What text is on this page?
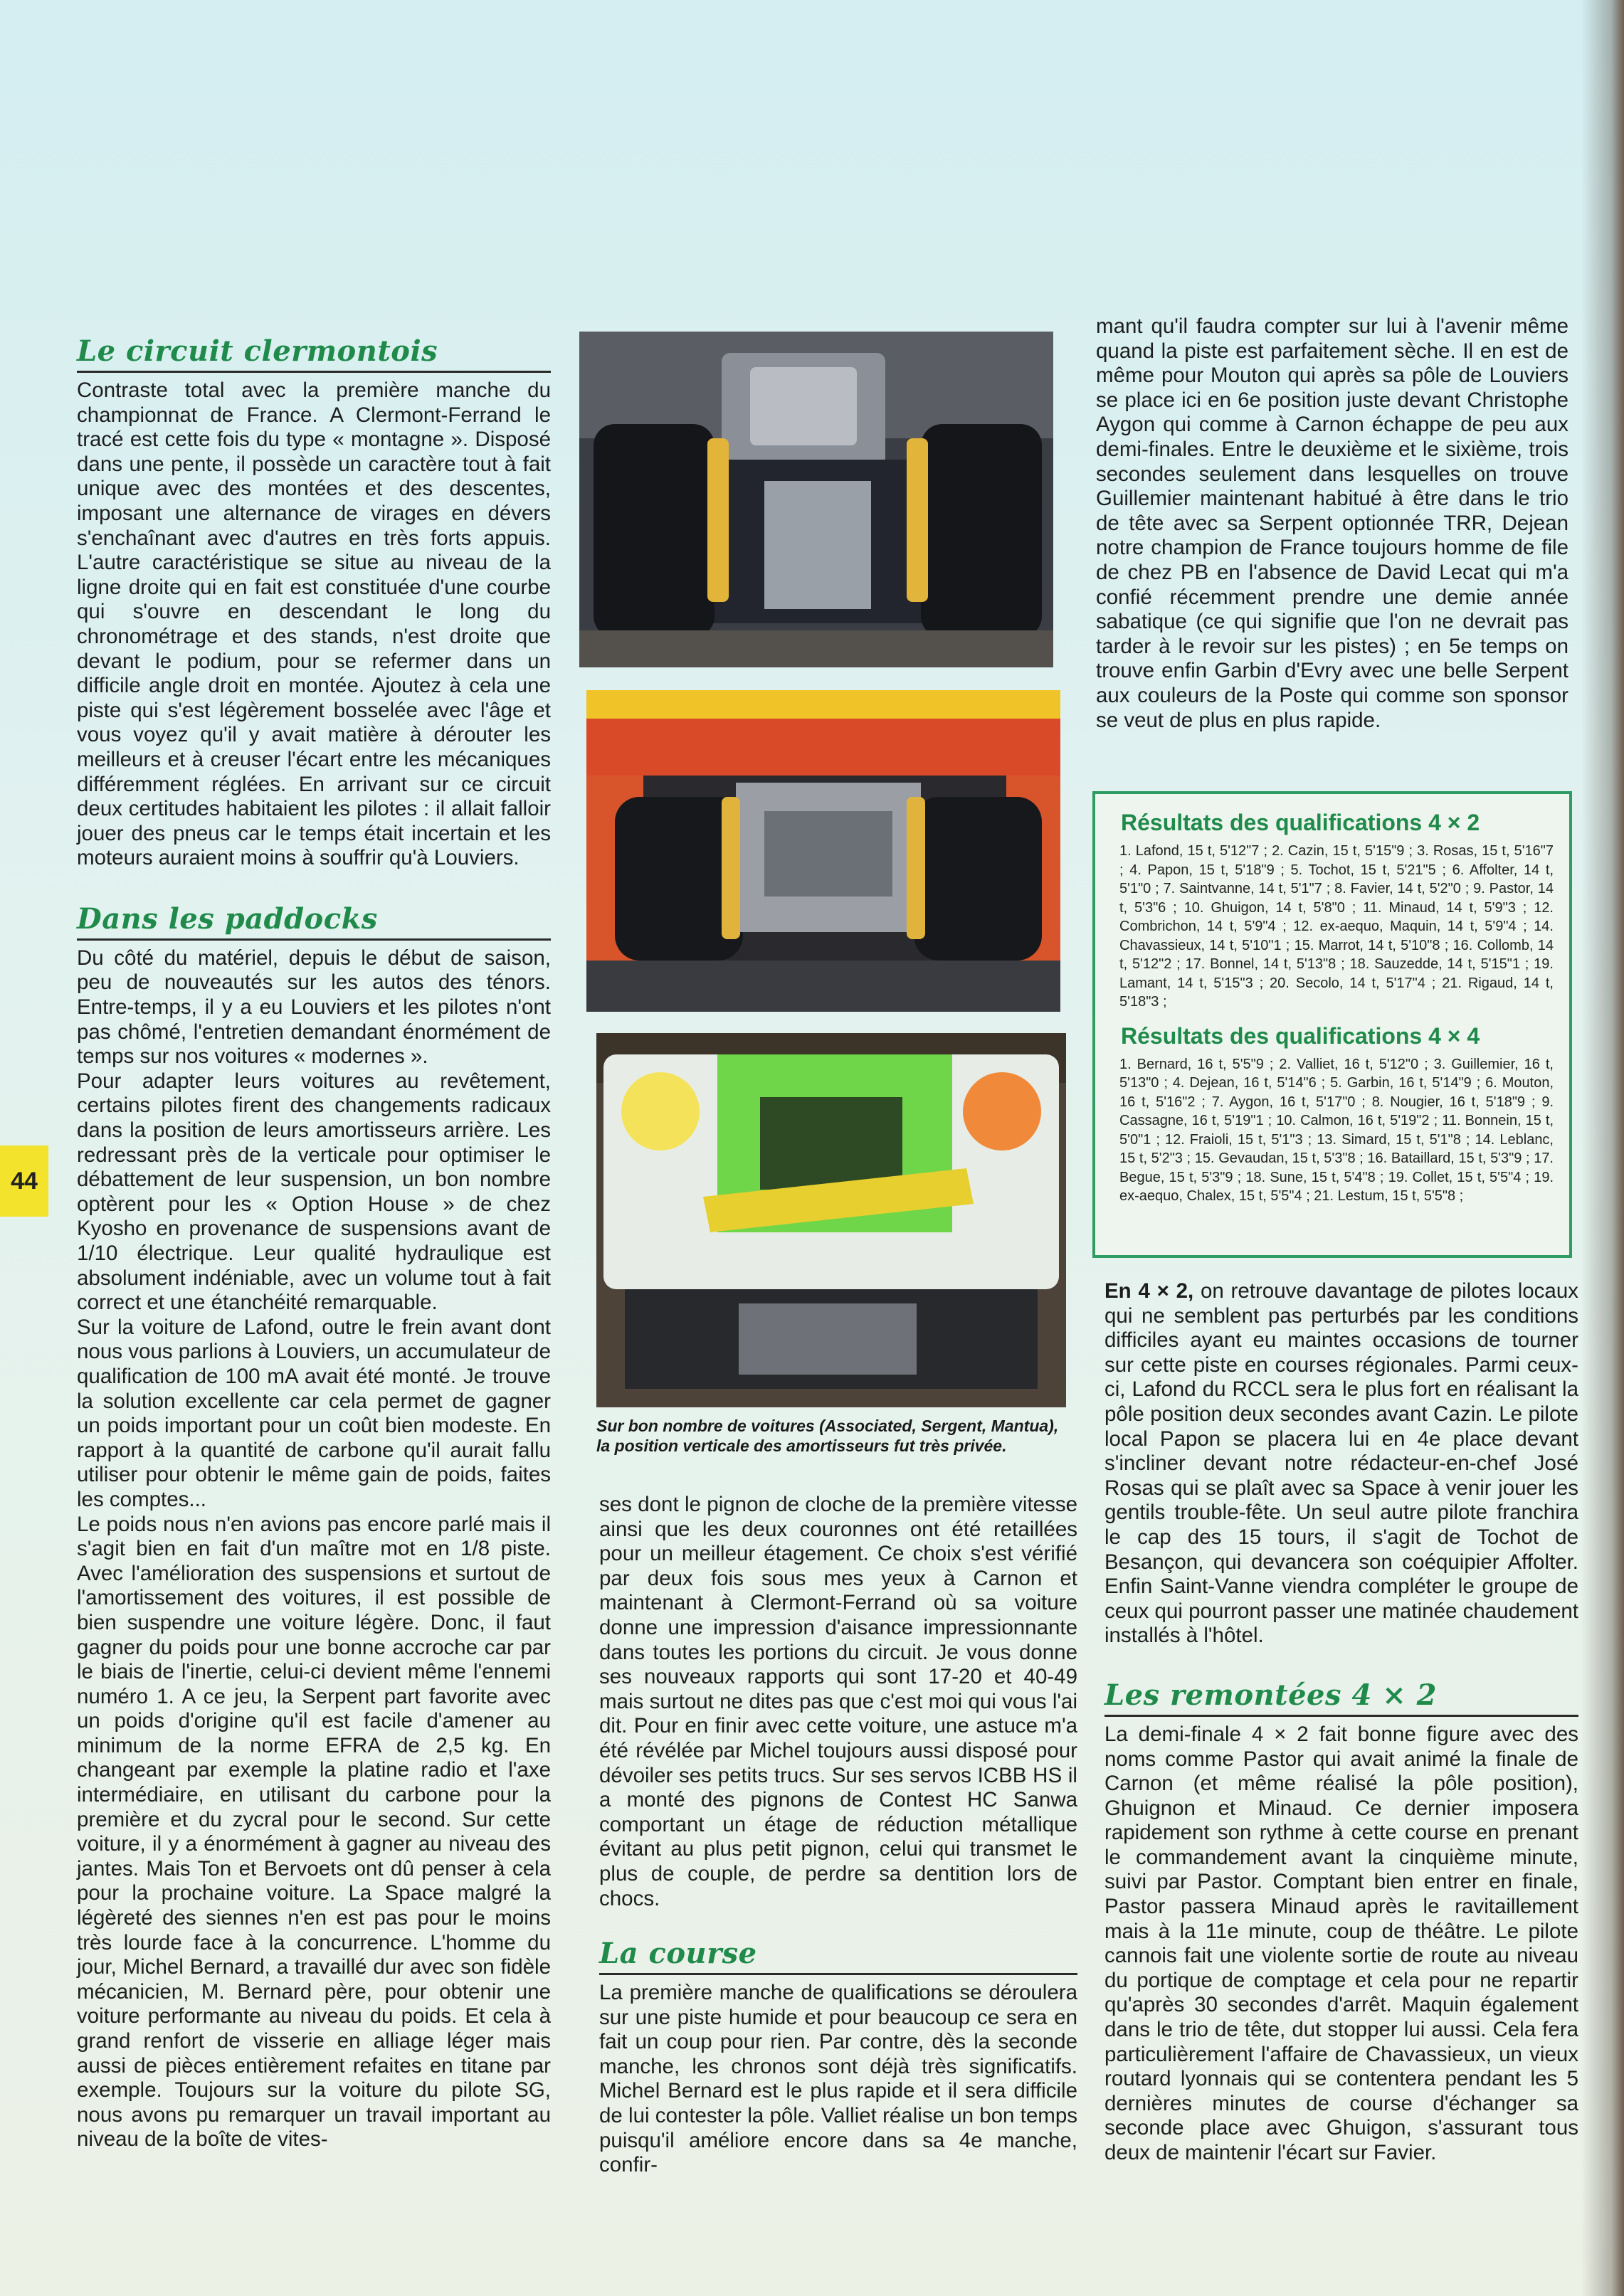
44
Le circuit clermontois

Contraste total avec la première manche du championnat de France. A Clermont-Ferrand le tracé est cette fois du type « montagne ». Disposé dans une pente, il possède un caractère tout à fait unique avec des montées et des descentes, imposant une alternance de virages en dévers s'enchaînant avec d'autres en très forts appuis. L'autre caractéristique se situe au niveau de la ligne droite qui en fait est constituée d'une courbe qui s'ouvre en descendant le long du chronométrage et des stands, n'est droite que devant le podium, pour se refermer dans un difficile angle droit en montée. Ajoutez à cela une piste qui s'est légèrement bosselée avec l'âge et vous voyez qu'il y avait matière à dérouter les meilleurs et à creuser l'écart entre les mécaniques différemment réglées. En arrivant sur ce circuit deux certitudes habitaient les pilotes : il allait falloir jouer des pneus car le temps était incertain et les moteurs auraient moins à souffrir qu'à Louviers.

Dans les paddocks

Du côté du matériel, depuis le début de saison, peu de nouveautés sur les autos des ténors. Entre-temps, il y a eu Louviers et les pilotes n'ont pas chômé, l'entretien demandant énormément de temps sur nos voitures « modernes ».

Pour adapter leurs voitures au revêtement, certains pilotes firent des changements radicaux dans la position de leurs amortisseurs arrière. Les redressant près de la verticale pour optimiser le débattement de leur suspension, un bon nombre optèrent pour les « Option House » de chez Kyosho en provenance de suspensions avant de 1/10 électrique. Leur qualité hydraulique est absolument indéniable, avec un volume tout à fait correct et une étanchéité remarquable.

Sur la voiture de Lafond, outre le frein avant dont nous vous parlions à Louviers, un accumulateur de qualification de 100 mA avait été monté. Je trouve la solution excellente car cela permet de gagner un poids important pour un coût bien modeste. En rapport à la quantité de carbone qu'il aurait fallu utiliser pour obtenir le même gain de poids, faites les comptes...

Le poids nous n'en avions pas encore parlé mais il s'agit bien en fait d'un maître mot en 1/8 piste. Avec l'amélioration des suspensions et surtout de l'amortissement des voitures, il est possible de bien suspendre une voiture légère. Donc, il faut gagner du poids pour une bonne accroche car par le biais de l'inertie, celui-ci devient même l'ennemi numéro 1. A ce jeu, la Serpent part favorite avec un poids d'origine qu'il est facile d'amener au minimum de la norme EFRA de 2,5 kg. En changeant par exemple la platine radio et l'axe intermédiaire, en utilisant du carbone pour la première et du zycral pour le second. Sur cette voiture, il y a énormément à gagner au niveau des jantes. Mais Ton et Bervoets ont dû penser à cela pour la prochaine voiture. La Space malgré la légèreté des siennes n'en est pas pour le moins très lourde face à la concurrence. L'homme du jour, Michel Bernard, a travaillé dur avec son fidèle mécanicien, M. Bernard père, pour obtenir une voiture performante au niveau du poids. Et cela à grand renfort de visserie en alliage léger mais aussi de pièces entièrement refaites en titane par exemple. Toujours sur la voiture du pilote SG, nous avons pu remarquer un travail important au niveau de la boîte de vites-

Sur bon nombre de voitures (Associated, Sergent, Mantua), la position verticale des amortisseurs fut très privée.

ses dont le pignon de cloche de la première vitesse ainsi que les deux couronnes ont été retaillées pour un meilleur étagement. Ce choix s'est vérifié par deux fois sous mes yeux à Carnon et maintenant à Clermont-Ferrand où sa voiture donne une impression d'aisance impressionnante dans toutes les portions du circuit. Je vous donne ses nouveaux rapports qui sont 17-20 et 40-49 mais surtout ne dites pas que c'est moi qui vous l'ai dit. Pour en finir avec cette voiture, une astuce m'a été révélée par Michel toujours aussi disposé pour dévoiler ses petits trucs. Sur ses servos ICBB HS il a monté des pignons de Contest HC Sanwa comportant un étage de réduction métallique évitant au plus petit pignon, celui qui transmet le plus de couple, de perdre sa dentition lors de chocs.

La course

La première manche de qualifications se déroulera sur une piste humide et pour beaucoup ce sera en fait un coup pour rien. Par contre, dès la seconde manche, les chronos sont déjà très significatifs. Michel Bernard est le plus rapide et il sera difficile de lui contester la pôle. Valliet réalise un bon temps puisqu'il améliore encore dans sa 4e manche, confir-

mant qu'il faudra compter sur lui à l'avenir même quand la piste est parfaitement sèche. Il en est de même pour Mouton qui après sa pôle de Louviers se place ici en 6e position juste devant Christophe Aygon qui comme à Carnon échappe de peu aux demi-finales. Entre le deuxième et le sixième, trois secondes seulement dans lesquelles on trouve Guillemier maintenant habitué à être dans le trio de tête avec sa Serpent optionnée TRR, Dejean notre champion de France toujours homme de file de chez PB en l'absence de David Lecat qui m'a confié récemment prendre une demie année sabatique (ce qui signifie que l'on ne devrait pas tarder à le revoir sur les pistes) ; en 5e temps on trouve enfin Garbin d'Evry avec une belle Serpent aux couleurs de la Poste qui comme son sponsor se veut de plus en plus rapide.

Résultats des qualifications 4 × 2

1. Lafond, 15 t, 5'12"7 ; 2. Cazin, 15 t, 5'15"9 ; 3. Rosas, 15 t, 5'16"7 ; 4. Papon, 15 t, 5'18"9 ; 5. Tochot, 15 t, 5'21"5 ; 6. Affolter, 14 t, 5'1"0 ; 7. Saintvanne, 14 t, 5'1"7 ; 8. Favier, 14 t, 5'2"0 ; 9. Pastor, 14 t, 5'3"6 ; 10. Ghuigon, 14 t, 5'8"0 ; 11. Minaud, 14 t, 5'9"3 ; 12. Combrichon, 14 t, 5'9"4 ; 12. ex-aequo, Maquin, 14 t, 5'9"4 ; 14. Chavassieux, 14 t, 5'10"1 ; 15. Marrot, 14 t, 5'10"8 ; 16. Collomb, 14 t, 5'12"2 ; 17. Bonnel, 14 t, 5'13"8 ; 18. Sauzedde, 14 t, 5'15"1 ; 19. Lamant, 14 t, 5'15"3 ; 20. Secolo, 14 t, 5'17"4 ; 21. Rigaud, 14 t, 5'18"3 ;

Résultats des qualifications 4 × 4

1. Bernard, 16 t, 5'5"9 ; 2. Valliet, 16 t, 5'12"0 ; 3. Guillemier, 16 t, 5'13"0 ; 4. Dejean, 16 t, 5'14"6 ; 5. Garbin, 16 t, 5'14"9 ; 6. Mouton, 16 t, 5'16"2 ; 7. Aygon, 16 t, 5'17"0 ; 8. Nougier, 16 t, 5'18"9 ; 9. Cassagne, 16 t, 5'19"1 ; 10. Calmon, 16 t, 5'19"2 ; 11. Bonnein, 15 t, 5'0"1 ; 12. Fraioli, 15 t, 5'1"3 ; 13. Simard, 15 t, 5'1"8 ; 14. Leblanc, 15 t, 5'2"3 ; 15. Gevaudan, 15 t, 5'3"8 ; 16. Bataillard, 15 t, 5'3"9 ; 17. Begue, 15 t, 5'3"9 ; 18. Sune, 15 t, 5'4"8 ; 19. Collet, 15 t, 5'5"4 ; 19. ex-aequo, Chalex, 15 t, 5'5"4 ; 21. Lestum, 15 t, 5'5"8 ;

En 4 × 2, on retrouve davantage de pilotes locaux qui ne semblent pas perturbés par les conditions difficiles ayant eu maintes occasions de tourner sur cette piste en courses régionales. Parmi ceux-ci, Lafond du RCCL sera le plus fort en réalisant la pôle position deux secondes avant Cazin. Le pilote local Papon se placera lui en 4e place devant s'incliner devant notre rédacteur-en-chef José Rosas qui se plaît avec sa Space à venir jouer les gentils trouble-fête. Un seul autre pilote franchira le cap des 15 tours, il s'agit de Tochot de Besançon, qui devancera son coéquipier Affolter. Enfin Saint-Vanne viendra compléter le groupe de ceux qui pourront passer une matinée chaudement installés à l'hôtel.

Les remontées 4 × 2

La demi-finale 4 × 2 fait bonne figure avec des noms comme Pastor qui avait animé la finale de Carnon (et même réalisé la pôle position), Ghuignon et Minaud. Ce dernier imposera rapidement son rythme à cette course en prenant le commandement avant la cinquième minute, suivi par Pastor. Comptant bien entrer en finale, Pastor passera Minaud après le ravitaillement mais à la 11e minute, coup de théâtre. Le pilote cannois fait une violente sortie de route au niveau du portique de comptage et cela pour ne repartir qu'après 30 secondes d'arrêt. Maquin également dans le trio de tête, dut stopper lui aussi. Cela fera particulièrement l'affaire de Chavassieux, un vieux routard lyonnais qui se contentera pendant les 5 dernières minutes de course d'échanger sa seconde place avec Ghuigon, s'assurant tous deux de maintenir l'écart sur Favier.
